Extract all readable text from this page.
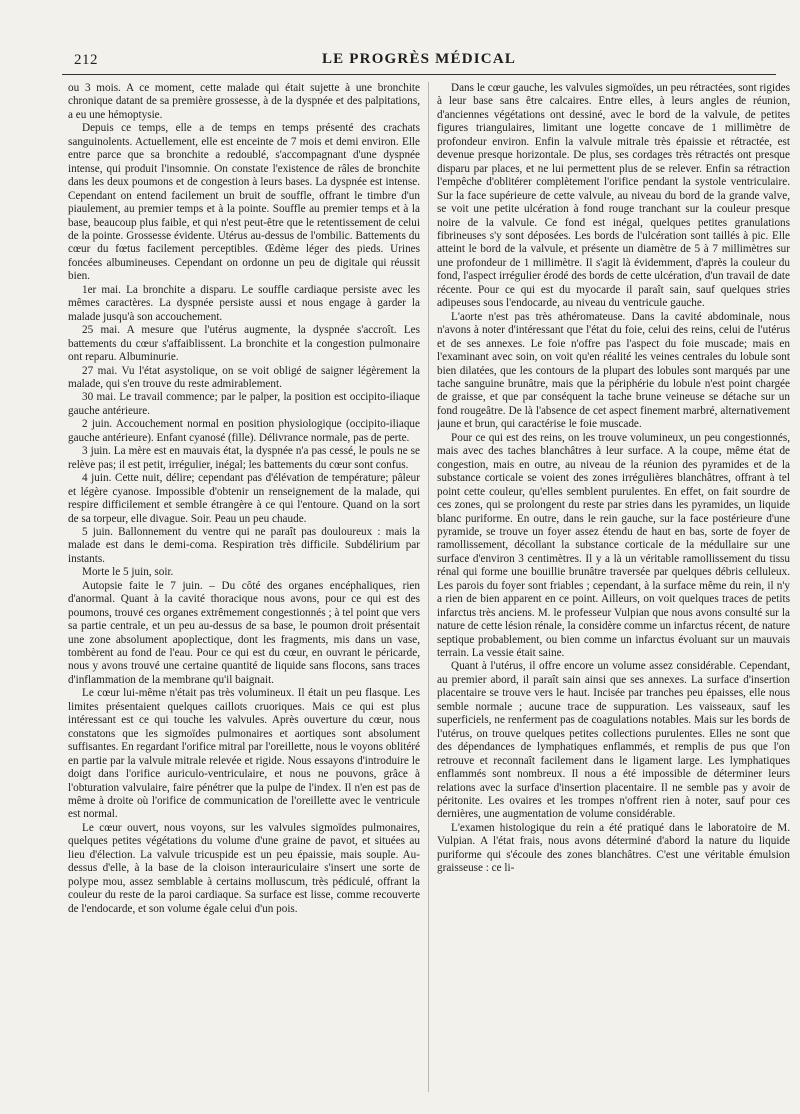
212	LE PROGRÈS MÉDICAL

ou 3 mois. A ce moment, cette malade qui était sujette à une bronchite chronique datant de sa première grossesse, à de la dyspnée et des palpitations, a eu une hémoptysie.

Depuis ce temps, elle a de temps en temps présenté des crachats sanguinolents. Actuellement, elle est enceinte de 7 mois et demi environ. Elle entre parce que sa bronchite a redoublé, s'accompagnant d'une dyspnée intense, qui produit l'insomnie. On constate l'existence de râles de bronchite dans les deux poumons et de congestion à leurs bases. La dyspnée est intense. Cependant on entend facilement un bruit de souffle, offrant le timbre d'un piaulement, au premier temps et à la pointe. Souffle au premier temps et à la base, beaucoup plus faible, et qui n'est peut-être que le retentissement de celui de la pointe. Grossesse évidente. Utérus au-dessus de l'ombilic. Battements du cœur du fœtus facilement perceptibles. Œdème léger des pieds. Urines foncées albumineuses. Cependant on ordonne un peu de digitale qui réussit bien.

1er mai. La bronchite a disparu. Le souffle cardiaque persiste avec les mêmes caractères. La dyspnée persiste aussi et nous engage à garder la malade jusqu'à son accouchement.

25 mai. A mesure que l'utérus augmente, la dyspnée s'accroît. Les battements du cœur s'affaiblissent. La bronchite et la congestion pulmonaire ont reparu. Albuminurie.

27 mai. Vu l'état asystolique, on se voit obligé de saigner légèrement la malade, qui s'en trouve du reste admirablement.

30 mai. Le travail commence; par le palper, la position est occipito-iliaque gauche antérieure.

2 juin. Accouchement normal en position physiologique (occipito-iliaque gauche antérieure). Enfant cyanosé (fille). Délivrance normale, pas de perte.

3 juin. La mère est en mauvais état, la dyspnée n'a pas cessé, le pouls ne se relève pas; il est petit, irrégulier, inégal; les battements du cœur sont confus.

4 juin. Cette nuit, délire; cependant pas d'élévation de température; pâleur et légère cyanose. Impossible d'obtenir un renseignement de la malade, qui respire difficilement et semble étrangère à ce qui l'entoure. Quand on la sort de sa torpeur, elle divague. Soir. Peau un peu chaude.

5 juin. Ballonnement du ventre qui ne paraît pas douloureux : mais la malade est dans le demi-coma. Respiration très difficile. Subdélirium par instants.

Morte le 5 juin, soir.

Autopsie faite le 7 juin. – Du côté des organes encéphaliques, rien d'anormal. Quant à la cavité thoracique nous avons, pour ce qui est des poumons, trouvé ces organes extrêmement congestionnés ; à tel point que vers sa partie centrale, et un peu au-dessus de sa base, le poumon droit présentait une zone absolument apoplectique, dont les fragments, mis dans un vase, tombèrent au fond de l'eau. Pour ce qui est du cœur, en ouvrant le péricarde, nous y avons trouvé une certaine quantité de liquide sans flocons, sans traces d'inflammation de la membrane qu'il baignait.

Le cœur lui-même n'était pas très volumineux. Il était un peu flasque. Les limites présentaient quelques caillots cruoriques. Mais ce qui est plus intéressant est ce qui touche les valvules. Après ouverture du cœur, nous constatons que les sigmoïdes pulmonaires et aortiques sont absolument suffisantes. En regardant l'orifice mitral par l'oreillette, nous le voyons oblitéré en partie par la valvule mitrale relevée et rigide. Nous essayons d'introduire le doigt dans l'orifice auriculo-ventriculaire, et nous ne pouvons, grâce à l'obturation valvulaire, faire pénétrer que la pulpe de l'index. Il n'en est pas de même à droite où l'orifice de communication de l'oreillette avec le ventricule est normal.

Le cœur ouvert, nous voyons, sur les valvules sigmoïdes pulmonaires, quelques petites végétations du volume d'une graine de pavot, et situées au lieu d'élection. La valvule tricuspide est un peu épaissie, mais souple. Au-dessus d'elle, à la base de la cloison interauriculaire s'insert une sorte de polype mou, assez semblable à certains molluscum, très pédiculé, offrant la couleur du reste de la paroi cardiaque. Sa surface est lisse, comme recouverte de l'endocarde, et son volume égale celui d'un pois.

Dans le cœur gauche, les valvules sigmoïdes, un peu rétractées, sont rigides à leur base sans être calcaires. Entre elles, à leurs angles de réunion, d'anciennes végétations ont dessiné, avec le bord de la valvule, de petites figures triangulaires, limitant une logette concave de 1 millimètre de profondeur environ. Enfin la valvule mitrale très épaissie et rétractée, est devenue presque horizontale. De plus, ses cordages très rétractés ont presque disparu par places, et ne lui permettent plus de se relever. Enfin sa rétraction l'empêche d'oblitérer complètement l'orifice pendant la systole ventriculaire. Sur la face supérieure de cette valvule, au niveau du bord de la grande valve, se voit une petite ulcération à fond rouge tranchant sur la couleur presque noire de la valvule. Ce fond est inégal, quelques petites granulations fibrineuses s'y sont déposées. Les bords de l'ulcération sont taillés à pic. Elle atteint le bord de la valvule, et présente un diamètre de 5 à 7 millimètres sur une profondeur de 1 millimètre. Il s'agit là évidemment, d'après la couleur du fond, l'aspect irrégulier érodé des bords de cette ulcération, d'un travail de date récente. Pour ce qui est du myocarde il paraît sain, sauf quelques stries adipeuses sous l'endocarde, au niveau du ventricule gauche.

L'aorte n'est pas très athéromateuse. Dans la cavité abdominale, nous n'avons à noter d'intéressant que l'état du foie, celui des reins, celui de l'utérus et de ses annexes. Le foie n'offre pas l'aspect du foie muscade; mais en l'examinant avec soin, on voit qu'en réalité les veines centrales du lobule sont bien dilatées, que les contours de la plupart des lobules sont marqués par une tache sanguine brunâtre, mais que la périphérie du lobule n'est point chargée de graisse, et que par conséquent la tache brune veineuse se détache sur un fond rougeâtre. De là l'absence de cet aspect finement marbré, alternativement jaune et brun, qui caractérise le foie muscade.

Pour ce qui est des reins, on les trouve volumineux, un peu congestionnés, mais avec des taches blanchâtres à leur surface. A la coupe, même état de congestion, mais en outre, au niveau de la réunion des pyramides et de la substance corticale se voient des zones irrégulières blanchâtres, offrant à tel point cette couleur, qu'elles semblent purulentes. En effet, on fait sourdre de ces zones, qui se prolongent du reste par stries dans les pyramides, un liquide blanc puriforme. En outre, dans le rein gauche, sur la face postérieure d'une pyramide, se trouve un foyer assez étendu de haut en bas, sorte de foyer de ramollissement, décollant la substance corticale de la médullaire sur une surface d'environ 3 centimètres. Il y a là un véritable ramollissement du tissu rénal qui forme une bouillie brunâtre traversée par quelques débris celluleux. Les parois du foyer sont friables ; cependant, à la surface même du rein, il n'y a rien de bien apparent en ce point. Ailleurs, on voit quelques traces de petits infarctus très anciens. M. le professeur Vulpian que nous avons consulté sur la nature de cette lésion rénale, la considère comme un infarctus récent, de nature septique probablement, ou bien comme un infarctus évoluant sur un mauvais terrain. La vessie était saine.

Quant à l'utérus, il offre encore un volume assez considérable. Cependant, au premier abord, il paraît sain ainsi que ses annexes. La surface d'insertion placentaire se trouve vers le haut. Incisée par tranches peu épaisses, elle nous semble normale ; aucune trace de suppuration. Les vaisseaux, sauf les superficiels, ne renferment pas de coagulations notables. Mais sur les bords de l'utérus, on trouve quelques petites collections purulentes. Elles ne sont que des dépendances de lymphatiques enflammés, et remplis de pus que l'on retrouve et reconnaît facilement dans le ligament large. Les lymphatiques enflammés sont nombreux. Il nous a été impossible de déterminer leurs relations avec la surface d'insertion placentaire. Il ne semble pas y avoir de péritonite. Les ovaires et les trompes n'offrent rien à noter, sauf pour ces dernières, une augmentation de volume considérable.

L'examen histologique du rein a été pratiqué dans le laboratoire de M. Vulpian. A l'état frais, nous avons déterminé d'abord la nature du liquide puriforme qui s'écoule des zones blanchâtres. C'est une véritable émulsion graisseuse : ce li-
